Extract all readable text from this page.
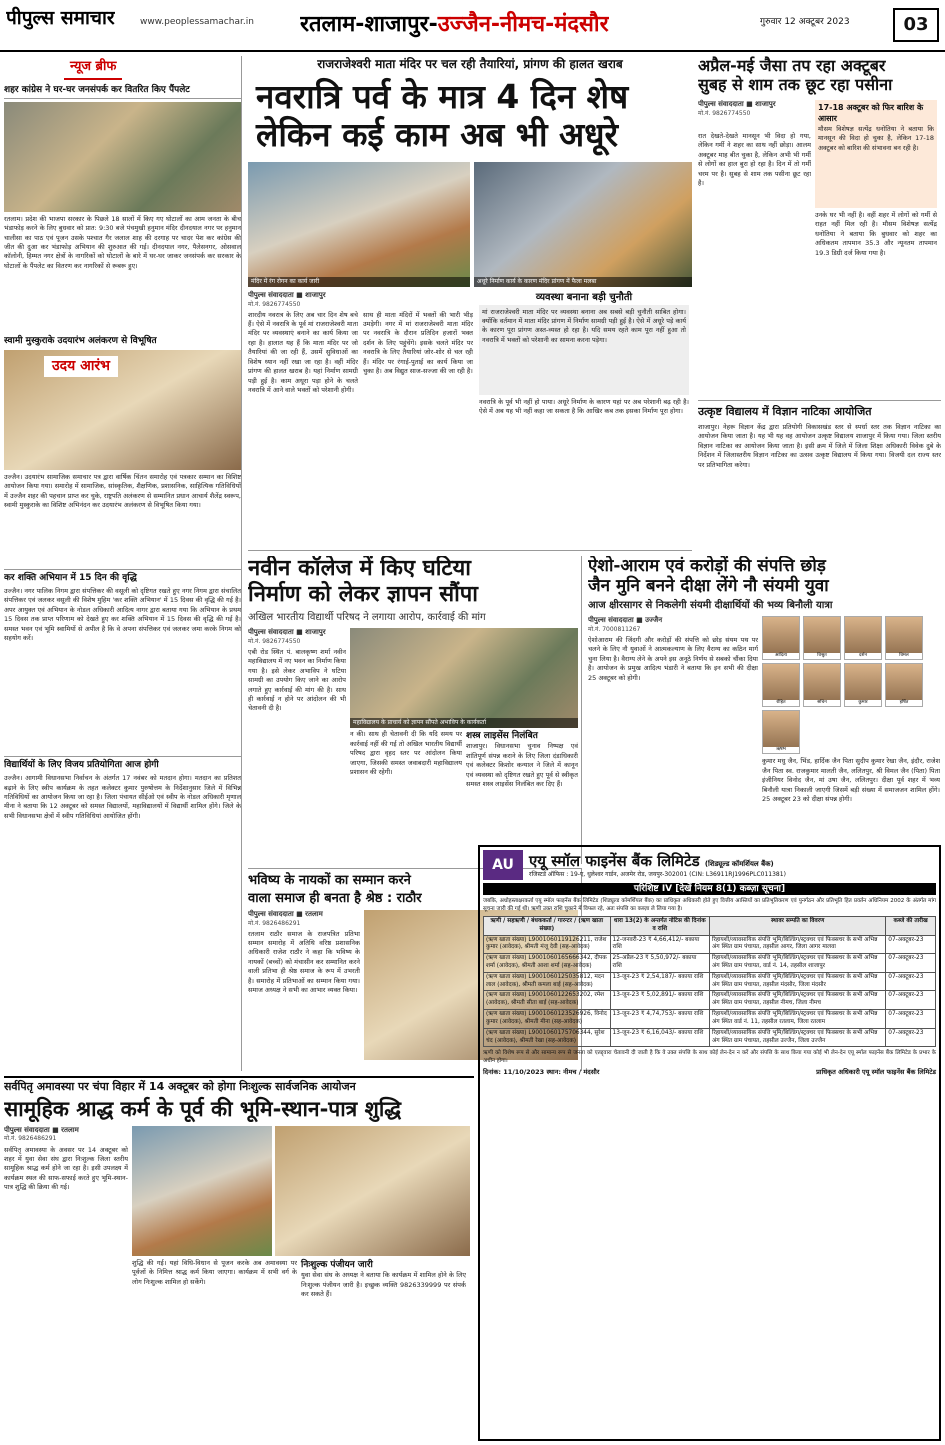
पीपुल्स समाचार	www.peoplessamachar.in रतलाम-शाजापुर-उज्जैन-नीमच-मंदसौर	गुरुवार 12 अक्टूबर 2023	03
न्यूज ब्रीफ
शहर कांग्रेस ने घर-घर जनसंपर्क कर वितरित किए पैंपलेट
रतलाम। प्रदेश की भाजपा सरकार के पिछले 18 सालों में किए गए घोटालों का आम जनता के बीच भंडाफोड़ करने के लिए बुधवार को प्रात: 9:30 बजे पंचमुखी हनुमान मंदिर दीनदयाल नगर पर हनुमान चालीसा का पाठ एवं पूजन उसके पश्चात गैर जलाल शाह की दरगाह पर चादर पेश कर कांग्रेस की जीत की दुआ कर भंडाफोड़ अभियान की शुरुआत की गई। दीनदयाल नगर, पैलेसनगर, ओसवाल कॉलोनी, हिम्मत नगर क्षेत्रों के नागरिकों को घोटालों के बारे में घर-घर जाकर जनसंपर्क कर सरकार के घोटालों के पैंपलेट का वितरण कर नागरिकों से रूबरू हुए।
स्वामी मुस्कुराके उदयारंभ अलंकरण से विभूषित
उदय आरंभ
उज्जैन। उदयारंभ सामाजिक समाचार पत्र द्वारा वार्षिक चिंतन समारोह एवं पत्रकार सम्मान का विशिष्ट आयोजन किया गया। समारोह में सामाजिक, सांस्कृतिक, शैक्षणिक, प्रशासनिक, साहित्यिक गतिविधियों में उज्जैन शहर की पहचान प्राप्त कर चुके, राष्ट्रपति अलंकरण से सम्मानित प्रधान आचार्य शैलेंद्र स्वरूप, स्वामी मुस्कुराके का विशिष्ट अभिनंदन कर उदयारंभ अलंकरण से विभूषित किया गया।
कर शक्ति अभियान में 15 दिन की वृद्धि
उज्जैन। नगर पालिक निगम द्वारा संपत्तिकर की वसूली को दृष्टिगत रखते हुए नगर निगम द्वारा संचालित संपत्तिकर एवं जलकर वसूली की विशेष मुहिम 'कर शक्ति अभियान' में 15 दिवस की वृद्धि की गई है। अपर आयुक्त एवं अभियान के नोडल अधिकारी आदित्य नागर द्वारा बताया गया कि अभियान के प्रथम 15 दिवस तक प्राप्त परिणाम को देखते हुए कर शक्ति अभियान में 15 दिवस की वृद्धि की गई है। समस्त भवन एवं भूमि स्वामियों से अपील है कि वे अपना संपत्तिकर एवं जलकर जमा करके निगम को सहयोग करें।
विद्यार्थियों के लिए विजय प्रतियोगिता आज होगी
उज्जैन। आगामी विधानसभा निर्वाचन के अंतर्गत 17 नवंबर को मतदान होगा। मतदान का प्रतिशत बढ़ाने के लिए स्वीप कार्यक्रम के तहत कलेक्टर कुमार पुरुषोत्तम के निर्देशानुसार जिले में विभिन्न गतिविधियों का आयोजन किया जा रहा है। जिला पंचायत सीईओ एवं स्वीप के नोडल अधिकारी मृणाल मीना ने बताया कि 12 अक्टूबर को समस्त विद्यालयों, महाविद्यालयों में विद्यार्थी शामिल होंगे। जिले के सभी विधानसभा क्षेत्रों में स्वीप गतिविधियां आयोजित होंगी।
राजराजेश्वरी माता मंदिर पर चल रही तैयारियां, प्रांगण की हालत खराब
नवरात्रि पर्व के मात्र 4 दिन शेष
लेकिन कई काम अब भी अधूरे
मंदिर में रंग रोगन का कार्य जारी	अधूरे निर्माण कार्य के कारण मंदिर प्रांगण में फैला मलबा
पीपुल्स संवाददाता ■ शाजापुर
मो.नं. 9826774550
शारदीय नवरात्र के लिए अब चार दिन शेष बचे हैं। ऐसे में नवरात्रि के पूर्व मां राजराजेश्वरी माता मंदिर पर व्यवस्थाएं बनाने का कार्य किया जा रहा है। हालात यह हैं कि माता मंदिर पर जो तैयारियां की जा रही हैं, उसमें सुविधाओं का विशेष ध्यान नहीं रखा जा रहा है। वहीं मंदिर प्रांगण की हालत खराब है। यहां निर्माण सामग्री पड़ी हुई है। काम अधूरा पड़ा होने के चलते नवरात्रि में आने वाले भक्तों को परेशानी होगी।
साथ ही माता मंदिरों में भक्तों की भारी भीड़ उमड़ेगी। नगर में मां राजराजेश्वरी माता मंदिर पर नवरात्रि के दौरान प्रतिदिन हजारों भक्त दर्शन के लिए पहुंचेंगे। इसके चलते मंदिर पर नवरात्रि के लिए तैयारियां जोर-शोर से चल रही हैं। मंदिर पर रंगाई-पुताई का कार्य किया जा चुका है। अब विद्युत साज-सज्जा की जा रही है।
व्यवस्था बनाना बड़ी चुनौती
मां राजराजेश्वरी माता मंदिर पर व्यवस्था बनाना अब सबसे बड़ी चुनौती साबित होगा। क्योंकि वर्तमान में माता मंदिर प्रांगण में निर्माण सामग्री पड़ी हुई है। ऐसे में अधूरे पड़े कार्य के कारण पूरा प्रांगण अस्त-व्यस्त हो रहा है। यदि समय रहते काम पूरा नहीं हुआ तो नवरात्रि में भक्तों को परेशानी का सामना करना पड़ेगा।
नवरात्रि के पूर्व भी नहीं हो पाया। अधूरे निर्माण के कारण यहां पर अब परेशानी बढ़ रही है। ऐसे में अब यह भी नहीं कहा जा सकता है कि आखिर कब तक इसका निर्माण पूरा होगा।
अप्रैल-मई जैसा तप रहा अक्टूबर
सुबह से शाम तक छूट रहा पसीना
पीपुल्स संवाददाता ■ शाजापुर
मो.नं. 9826774550
रात देखते-देखते मानसून भी विदा हो गया, लेकिन गर्मी ने शहर का साथ नहीं छोड़ा। आलम अक्टूबर माह बीत चुका है, लेकिन अभी भी गर्मी से लोगों का हाल बुरा हो रहा है। दिन में तो गर्मी चरम पर है। सुबह से शाम तक पसीना छूट रहा है।
17-18 अक्टूबर को फिर बारिश के आसार
मौसम विशेषज्ञ सत्येंद्र धनोतिया ने बताया कि मानसून की विदा हो चुका है, लेकिन 17-18 अक्टूबर को बारिश की संभावना बन रही है।
उनके घर भी नहीं है। वहीं शहर में लोगों को गर्मी से राहत नहीं मिल रही है। मौसम विशेषज्ञ सत्येंद्र धनोतिया ने बताया कि बुधवार को शहर का अधिकतम तापमान 35.3 और न्यूनतम तापमान 19.3 डिग्री दर्ज किया गया है।
उत्कृष्ट विद्यालय में विज्ञान नाटिका आयोजित
शाजापुर। नेहरू विज्ञान केंद्र द्वारा प्रतियोगी विकासखंड स्तर से स्पर्धा स्तर तक विज्ञान नाटिका का आयोजन किया जाता है। यह भी यह वह आयोजन उत्कृष्ट विद्यालय शाजापुर में किया गया। जिला स्तरीय विज्ञान नाटिका का आयोजन किया जाता है। इसी क्रम में जिले में जिला शिक्षा अधिकारी विवेक दुबे के निर्देशन में जिलास्तरीय विज्ञान नाटिका का उत्सव उत्कृष्ट विद्यालय में किया गया। विजयी दल राज्य स्तर पर प्रतिभागिता करेगा।
नवीन कॉलेज में किए घटिया
निर्माण को लेकर ज्ञापन सौंपा
अखिल भारतीय विद्यार्थी परिषद ने लगाया आरोप, कार्रवाई की मांग
पीपुल्स संवाददाता ■ शाजापुर
मो.नं. 9826774550
एबी रोड स्थित पं. बालकृष्ण शर्मा नवीन महाविद्यालय में नए भवन का निर्माण किया गया है। इसे लेकर अभाविप ने घटिया सामग्री का उपयोग किए जाने का आरोप लगाते हुए कार्रवाई की मांग की है। साथ ही कार्रवाई न होने पर आंदोलन की भी चेतावनी दी है।
महाविद्यालय के प्राचार्य को ज्ञापन सौंपते अभाविप के कार्यकर्ता
न की। साथ ही चेतावनी दी कि यदि समय पर कार्रवाई नहीं की गई तो अखिल भारतीय विद्यार्थी परिषद द्वारा वृहद स्तर पर आंदोलन किया जाएगा, जिसकी समस्त जवाबदारी महाविद्यालय प्रशासन की रहेगी।
शस्त्र लाइसेंस निलंबित
शाजापुर। विधानसभा चुनाव निष्पक्ष एवं शांतिपूर्ण संपन्न कराने के लिए जिला दंडाधिकारी एवं कलेक्टर किशोर कन्याल ने जिले में कानून एवं व्यवस्था को दृष्टिगत रखते हुए पूर्व से स्वीकृत समस्त शस्त्र लाइसेंस निलंबित कर दिए हैं।
भविष्य के नायकों का सम्मान करने
वाला समाज ही बनता है श्रेष्ठ : राठौर
पीपुल्स संवाददाता ■ रतलाम
मो.नं. 9826486291
रतलाम राठौर समाज के राजपत्रित प्रतिभा सम्मान समारोह में अतिथि वरिष्ठ प्रशासनिक अधिकारी राजेश राठौर ने कहा कि भविष्य के नायकों (बच्चों) को मंचासीन कर सम्मानित करने वाली प्रतिभा ही श्रेष्ठ समाज के रूप में उभरती है। समारोह में प्रतिभाओं का सम्मान किया गया। समाज अध्यक्ष ने सभी का आभार व्यक्त किया।
ऐशो-आराम एवं करोड़ों की संपत्ति छोड़
जैन मुनि बनने दीक्षा लेंगे नौ संयमी युवा
आज क्षीरसागर से निकलेगी संयमी दीक्षार्थियों की भव्य बिनौली यात्रा
पीपुल्स संवाददाता ■ उज्जैन
मो.नं. 7000811267
ऐशोआराम की जिंदगी और करोड़ों की संपत्ति को छोड़ संयम पथ पर चलने के लिए नौ युवाओं ने आत्मकल्याण के लिए वैराग्य का कठिन मार्ग चुना लिया है। वैराग्य लेने के अपने इस अनूठे निर्णय से सबको चौंका दिया है। आयोजन के प्रमुख आदित्य भंडारी ने बताया कि इन सभी की दीक्षा 25 अक्टूबर को होगी।
आदित्य	विश्रुत	दर्शन	विमल
रोहित	सचिन	कुमार	हर्षित
ऋषभ
कुमार मधु जैन, भिंड, हार्दिक जैन पिता सुदीप कुमार रेखा जैन, इंदौर, राजेश जैन पिता स्व. राजकुमार मालती जैन, ललितपुर, श्री विमल जैन (पिता) पिता इंजीनियर विनोद जैन, मां उषा जैन, ललितपुर। दीक्षा पूर्व शहर में भव्य बिनौली यात्रा निकाली जाएगी जिसमें बड़ी संख्या में समाजजन शामिल होंगे। 25 अक्टूबर 23 को दीक्षा संपन्न होगी।
AU	एयू स्मॉल फाइनेंस बैंक लिमिटेड (शिड्यूल्ड कॉमर्शियल बैंक)
रजिस्टर्ड ऑफिस : 19-ए, धुलेश्वर गार्डन, अजमेर रोड, जयपुर-302001 (CIN: L36911RJ1996PLC011381)
परिशिष्ट IV [देखें नियम 8(1) कब्ज़ा सूचना]
जबकि, अधोहस्ताक्षरकर्ता एयू स्मॉल फाइनेंस बैंक लिमिटेड (शिड्यूल्ड कॉमर्शियल बैंक) का प्राधिकृत अधिकारी होते हुए वित्तीय आस्तियों का प्रतिभूतिकरण एवं पुनर्गठन और प्रतिभूति हित प्रवर्तन अधिनियम 2002 के अंतर्गत मांग सूचना जारी की गई थी। ऋणी उक्त राशि चुकाने में विफल रहे, अतः संपत्ति का कब्ज़ा ले लिया गया है।
ऋणी / सहऋणी / बंधककर्ता / गारन्टर / (ऋण खाता संख्या)	धारा 13(2) के अन्तर्गत नोटिस की दिनांक व राशि	स्थावर सम्पति का विवरण	कब्जे की तारीख
(ऋण खाता संख्या) L9001060119126211, राजेश कुमार (आवेदक), श्रीमती मंजू देवी (सह-आवेदक)	12-जनवरी-23 ₹ 4,66,412/- बकाया राशि	रिहायशी/व्यावसायिक संपत्ति भूमि/बिल्डिंग/स्ट्रक्चर एवं फिक्सचर के सभी अभिन्न अंग स्थित ग्राम पंचायत, तहसील आगर, जिला आगर मालवा	07-अक्टूबर-23
(ऋण खाता संख्या) L9001060165666342, दीपक शर्मा (आवेदक), श्रीमती आशा शर्मा (सह-आवेदक)	25-अप्रैल-23 ₹ 5,50,972/- बकाया राशि	रिहायशी/व्यावसायिक संपत्ति भूमि/बिल्डिंग/स्ट्रक्चर एवं फिक्सचर के सभी अभिन्न अंग स्थित ग्राम पंचायत, वार्ड नं. 14, तहसील शाजापुर	07-अक्टूबर-23
(ऋण खाता संख्या) L9001060125035812, मदन लाल (आवेदक), श्रीमती कमला बाई (सह-आवेदक)	13-जून-23 ₹ 2,54,187/- बकाया राशि	रिहायशी/व्यावसायिक संपत्ति भूमि/बिल्डिंग/स्ट्रक्चर एवं फिक्सचर के सभी अभिन्न अंग स्थित ग्राम पंचायत, तहसील मंदसौर, जिला मंदसौर	07-अक्टूबर-23
(ऋण खाता संख्या) L9001060122653202, रमेश (आवेदक), श्रीमती सीता बाई (सह-आवेदक)	13-जून-23 ₹ 5,02,891/- बकाया राशि	रिहायशी/व्यावसायिक संपत्ति भूमि/बिल्डिंग/स्ट्रक्चर एवं फिक्सचर के सभी अभिन्न अंग स्थित ग्राम पंचायत, तहसील नीमच, जिला नीमच	07-अक्टूबर-23
(ऋण खाता संख्या) L9001060123526926, विनोद कुमार (आवेदक), श्रीमती मीना (सह-आवेदक)	13-जून-23 ₹ 4,74,753/- बकाया राशि	रिहायशी/व्यावसायिक संपत्ति भूमि/बिल्डिंग/स्ट्रक्चर एवं फिक्सचर के सभी अभिन्न अंग स्थित वार्ड नं. 11, तहसील रतलाम, जिला रतलाम	07-अक्टूबर-23
(ऋण खाता संख्या) L9001060175706344, सुरेश चंद (आवेदक), श्रीमती रेखा (सह-आवेदक)	13-जून-23 ₹ 6,16,043/- बकाया राशि	रिहायशी/व्यावसायिक संपत्ति भूमि/बिल्डिंग/स्ट्रक्चर एवं फिक्सचर के सभी अभिन्न अंग स्थित ग्राम पंचायत, तहसील उज्जैन, जिला उज्जैन	07-अक्टूबर-23
ऋणी को विशेष रूप से और सामान्य रूप से जनता को एतद्द्वारा चेतावनी दी जाती है कि वे उक्त संपत्ति के साथ कोई लेन-देन न करें और संपत्ति के साथ किया गया कोई भी लेन-देन एयू स्मॉल फाइनेंस बैंक लिमिटेड के प्रभार के अधीन होगा।
दिनांक: 11/10/2023 स्थान: नीमच / मंदसौर	प्राधिकृत अधिकारी एयू स्मॉल फाइनेंस बैंक लिमिटेड
सर्वपितृ अमावस्या पर चंपा विहार में 14 अक्टूबर को होगा निःशुल्क सार्वजनिक आयोजन
सामूहिक श्राद्ध कर्म के पूर्व की भूमि-स्थान-पात्र शुद्धि
पीपुल्स संवाददाता ■ रतलाम
मो.नं. 9826486291
सर्वपितृ अमावस्या के अवसर पर 14 अक्टूबर को शहर में युवा सेवा संघ द्वारा निःशुल्क जिला स्तरीय सामूहिक श्राद्ध कर्म होने जा रहा है। इसी उपलक्ष्य में कार्यक्रम स्थल की साफ-सफाई करते हुए भूमि-स्थान-पात्र शुद्धि की क्रिया की गई।
शुद्धि की गई। यहां विधि-विधान से पूजन करके अब अमावस्या पर पूर्वजों के निमित्त श्राद्ध कर्म किया जाएगा। कार्यक्रम में सभी वर्ग के लोग निःशुल्क शामिल हो सकेंगे।
निःशुल्क पंजीयन जारी
युवा सेवा संघ के अध्यक्ष ने बताया कि कार्यक्रम में शामिल होने के लिए निःशुल्क पंजीयन जारी है। इच्छुक व्यक्ति 9826339999 पर संपर्क कर सकते हैं।
